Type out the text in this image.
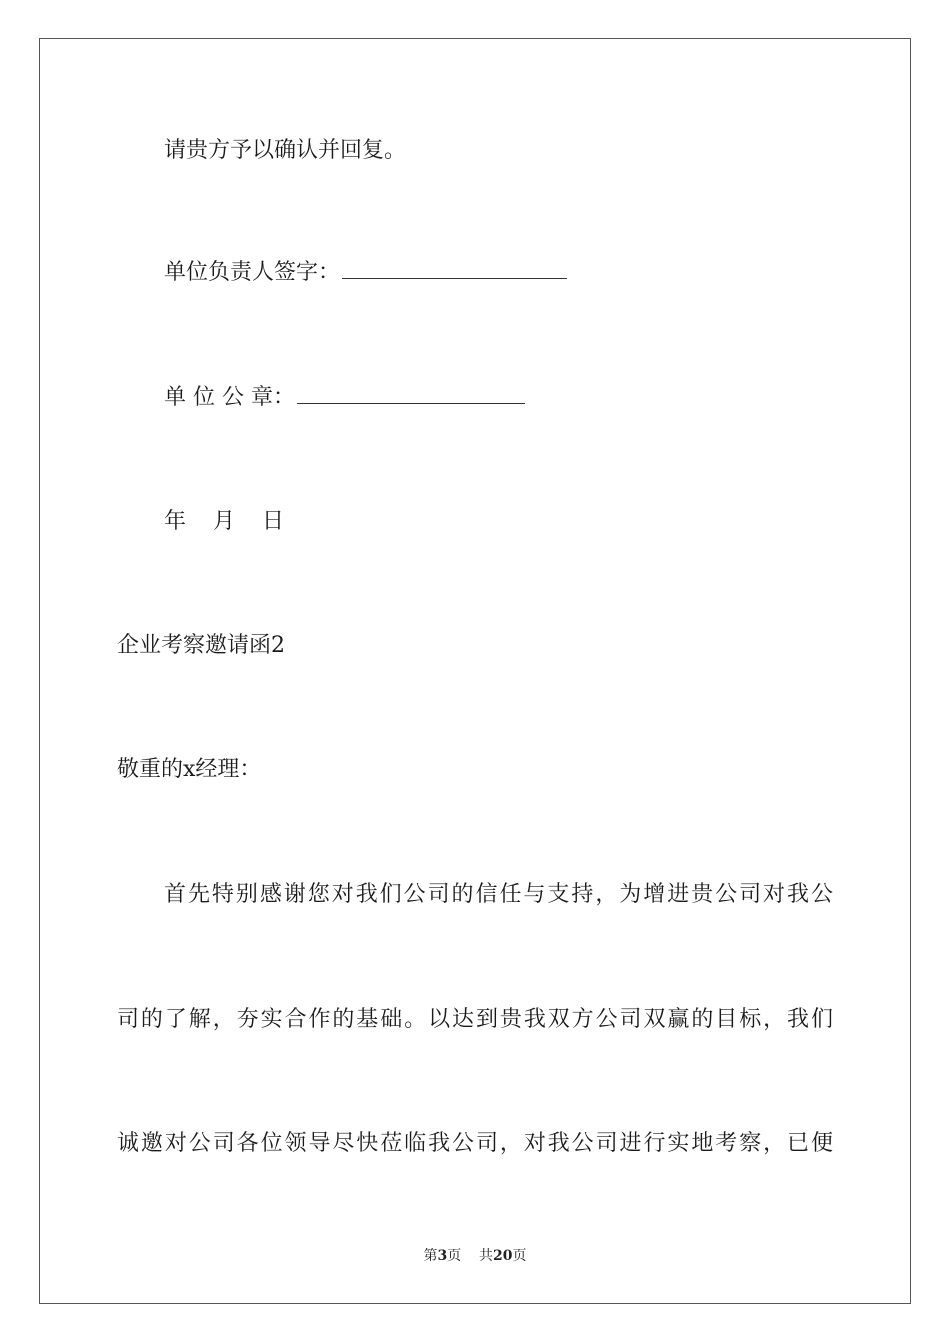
请贵方予以确认并回复。
单位负责人签字：
单 位 公 章：
年 月 日
企业考察邀请函2
敬重的x经理：
首先特别感谢您对我们公司的信任与支持，为增进贵公司对我公
司的了解，夯实合作的基础。以达到贵我双方公司双赢的目标，我们
诚邀对公司各位领导尽快莅临我公司，对我公司进行实地考察，已便
第3页 共20页
